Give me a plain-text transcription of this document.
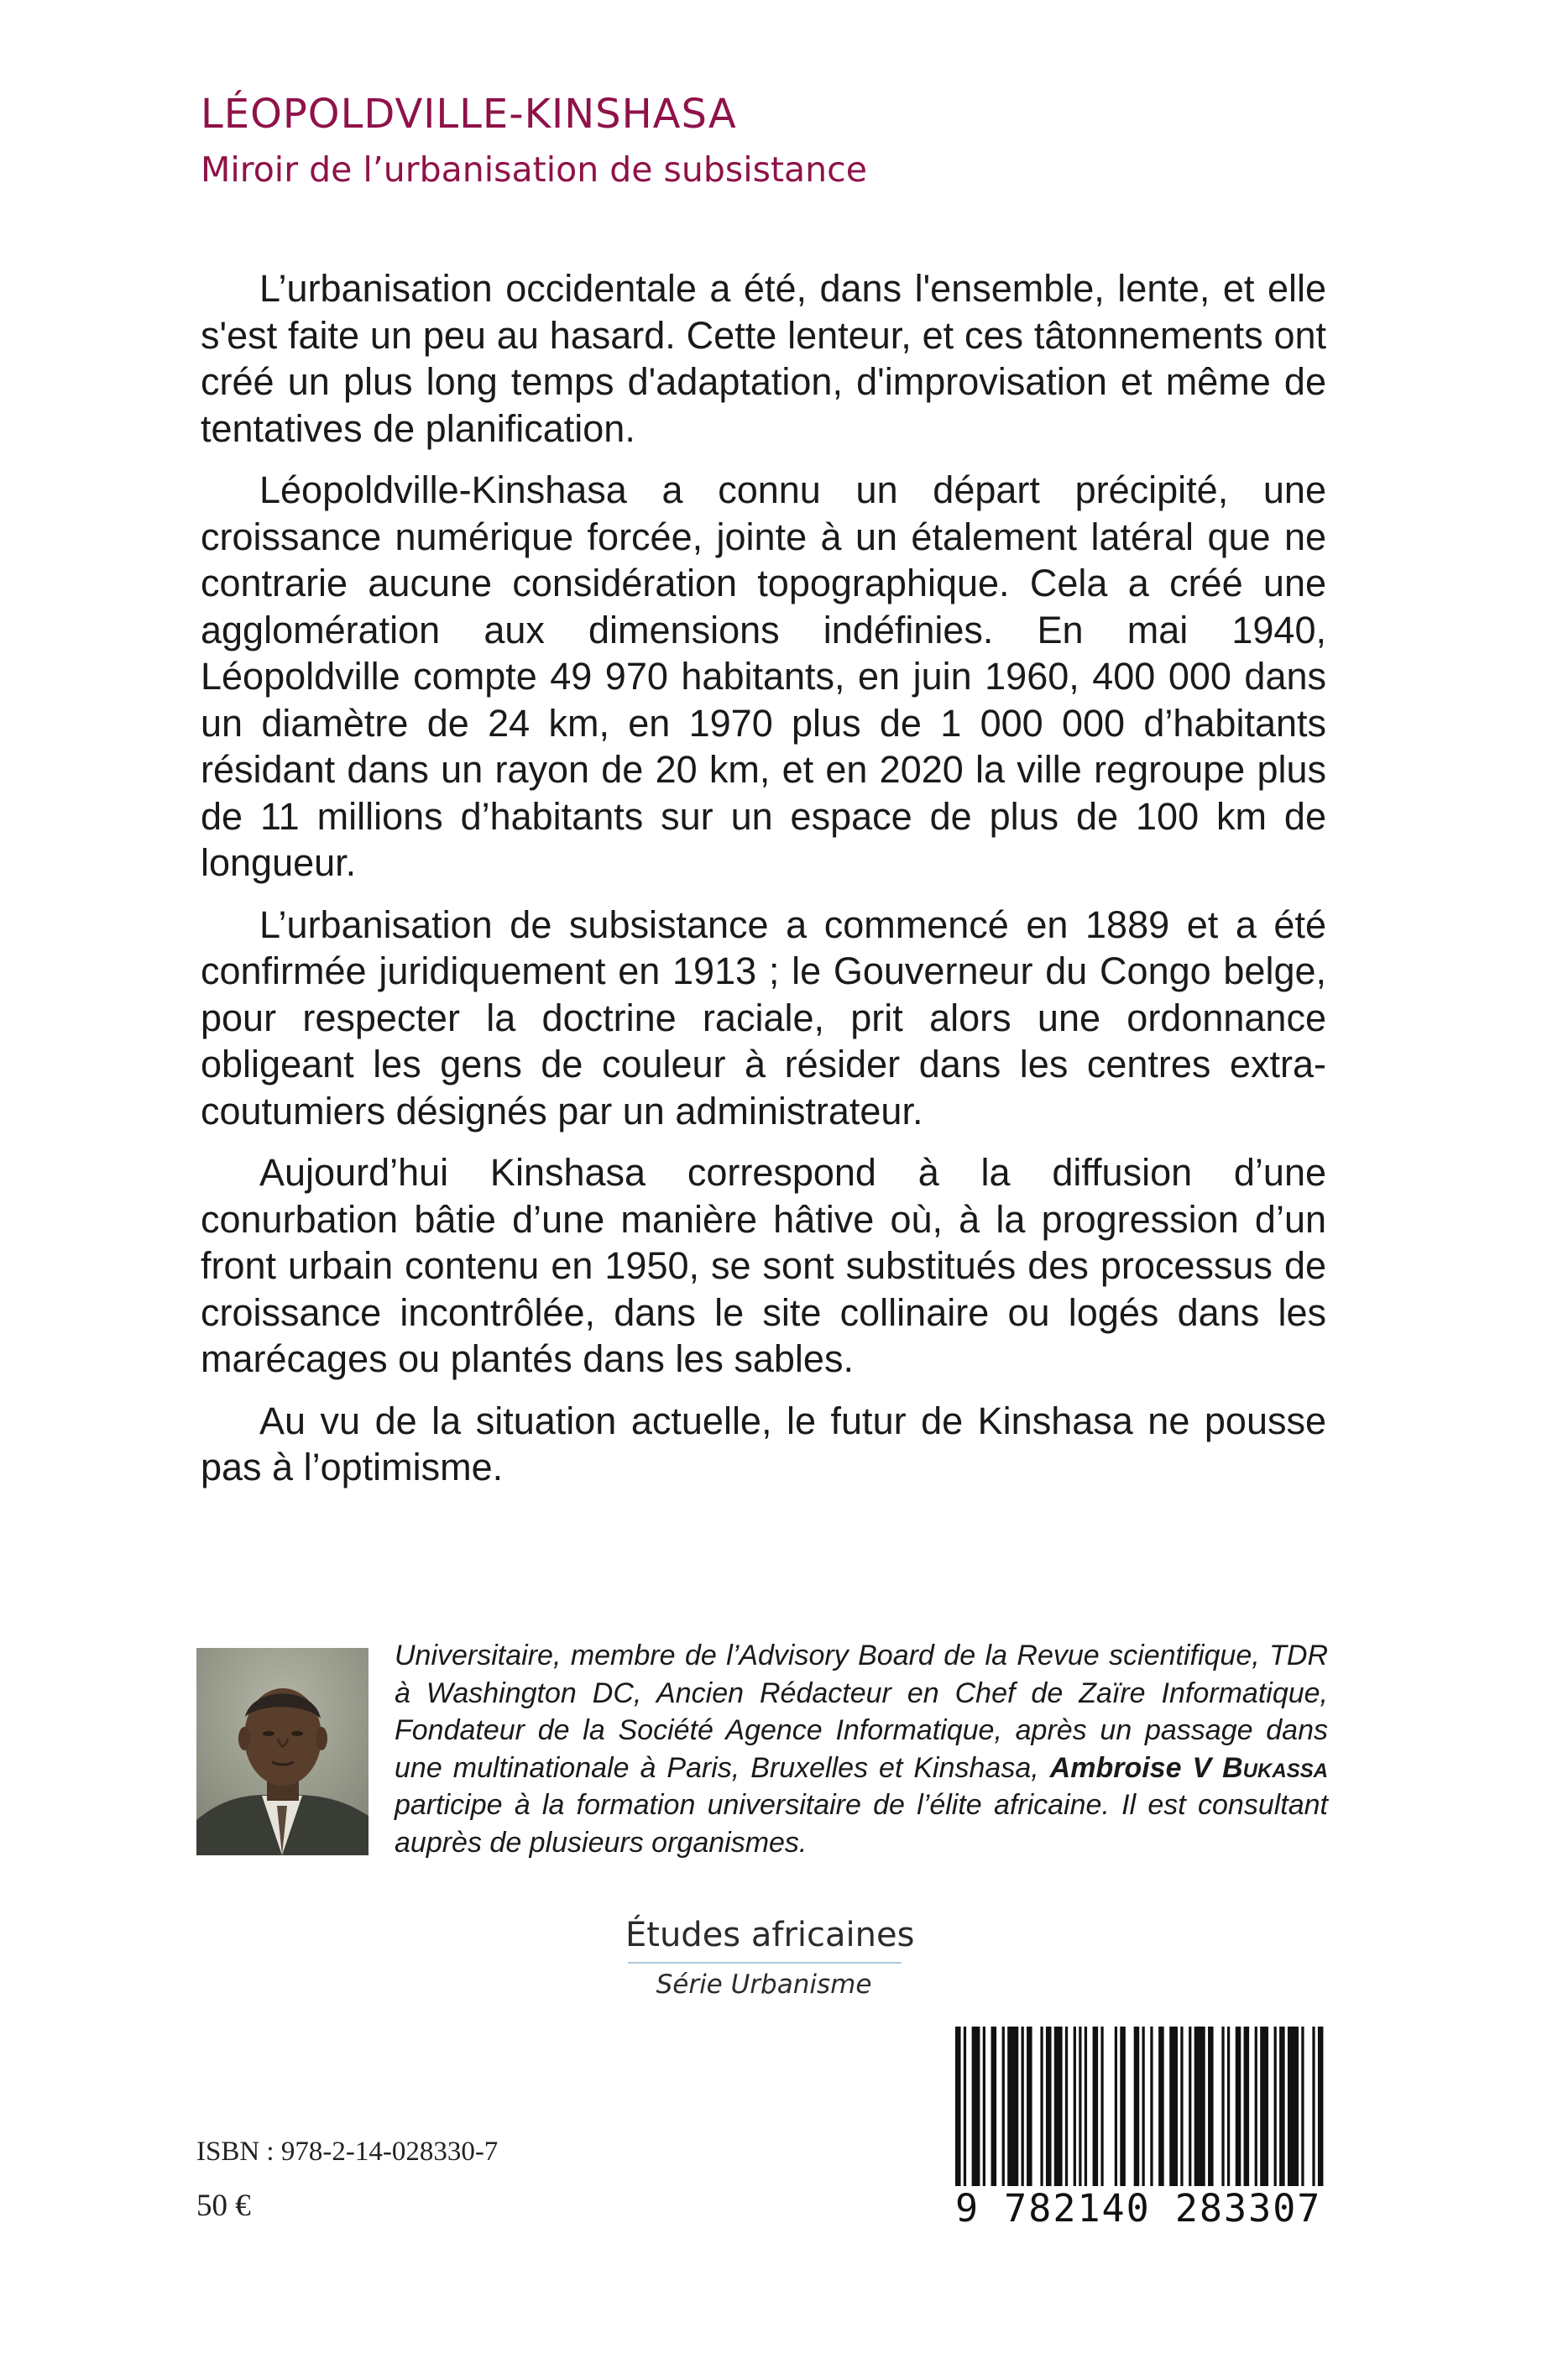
LÉOPOLDVILLE-KINSHASA
Miroir de l’urbanisation de subsistance

L’urbanisation occidentale a été, dans l'ensemble, lente, et elle s'est faite un peu au hasard. Cette lenteur, et ces tâtonnements ont créé un plus long temps d'adaptation, d'improvisation et même de tentatives de planification.

Léopoldville-Kinshasa a connu un départ précipité, une croissance numérique forcée, jointe à un étalement latéral que ne contrarie aucune considération topographique. Cela a créé une agglomération aux dimensions indéfinies. En mai 1940, Léopoldville compte 49 970 habitants, en juin 1960, 400 000 dans un diamètre de 24 km, en 1970 plus de 1 000 000 d’habitants résidant dans un rayon de 20 km, et en 2020 la ville regroupe plus de 11 millions d’habitants sur un espace de plus de 100 km de longueur.

L’urbanisation de subsistance a commencé en 1889 et a été confirmée juridiquement en 1913 ; le Gouverneur du Congo belge, pour respecter la doctrine raciale, prit alors une ordonnance obligeant les gens de couleur à résider dans les centres extra-coutumiers désignés par un administrateur.

Aujourd’hui Kinshasa correspond à la diffusion d’une conurbation bâtie d’une manière hâtive où, à la progression d’un front urbain contenu en 1950, se sont substitués des processus de croissance incontrôlée, dans le site collinaire ou logés dans les marécages ou plantés dans les sables.

Au vu de la situation actuelle, le futur de Kinshasa ne pousse pas à l’optimisme.

Universitaire, membre de l’Advisory Board de la Revue scientifique, TDR à Washington DC, Ancien Rédacteur en Chef de Zaïre Informatique, Fondateur de la Société Agence Informatique, après un passage dans une multinationale à Paris, Bruxelles et Kinshasa, Ambroise V Bukassa participe à la formation universitaire de l’élite africaine. Il est consultant auprès de plusieurs organismes.

Études africaines
Série Urbanisme
ISBN : 978-2-14-028330-7
50 €	9 782140 283307
